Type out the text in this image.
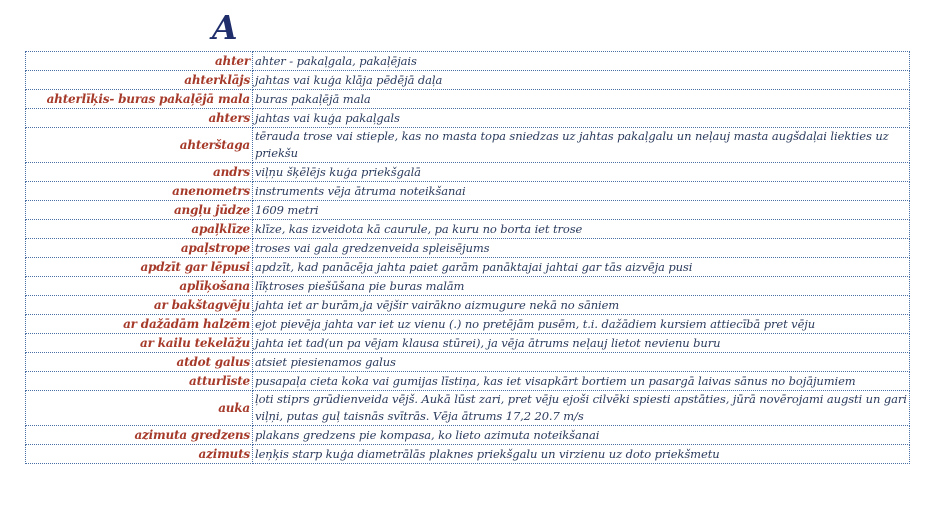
A
ahter	ahter - pakaļgala, pakaļējais
ahterklājs	jahtas vai kuģa klāja pēdējā daļa
ahterlīķis- buras pakaļējā mala	buras pakaļējā mala
ahters	jahtas vai kuģa pakaļgals
ahterštaga	tērauda trose vai stieple, kas no masta topa sniedzas uz jahtas pakaļgalu un neļauj masta augšdaļai liekties uz priekšu
andrs	viļņu šķēlējs kuģa priekšgalā
anenometrs	instruments vēja ātruma noteikšanai
angļu jūdze	1609 metri
apaļklīze	klīze, kas izveidota kā caurule, pa kuru no borta iet trose
apaļstrope	troses vai gala gredzenveida spleisējums
apdzīt gar lēpusi	apdzīt, kad panācēja jahta paiet garām panāktajai jahtai gar tās aizvēja pusi
aplīķošana	līķtroses piešūšana pie buras malām
ar bakštagvēju	jahta iet ar burām,ja vējšir vairāknо aizmugure nekā no sāniem
ar dažādām halzēm	ejot pievēja jahta var iet uz vienu (.) no pretējām pusēm, t.i. dažādiem kursiem attiecībā pret vēju
ar kailu tekelāžu	jahta iet tad(un pa vējam klausa stūrei), ja vēja ātrums neļauj lietot nevienu buru
atdot galus	atsiet piesienamos galus
atturlīste	pusapaļa cieta koka vai gumijas līstiņa, kas iet visapkārt bortiem un pasargā laivas sānus no bojājumiem
auka	ļoti stiprs grūdienveida vējš. Aukā lūst zari, pret vēju ejoši cilvēki spiesti apstāties, jūrā novērojami augsti un gari viļņi, putas guļ taisnās svītrās. Vēja ātrums 17,2 20.7 m/s
azimuta gredzens	plakans gredzens pie kompasa, ko lieto azimuta noteikšanai
azimuts	leņķis starp kuģa diametrālās plaknes priekšgalu un virzienu uz doto priekšmetu
